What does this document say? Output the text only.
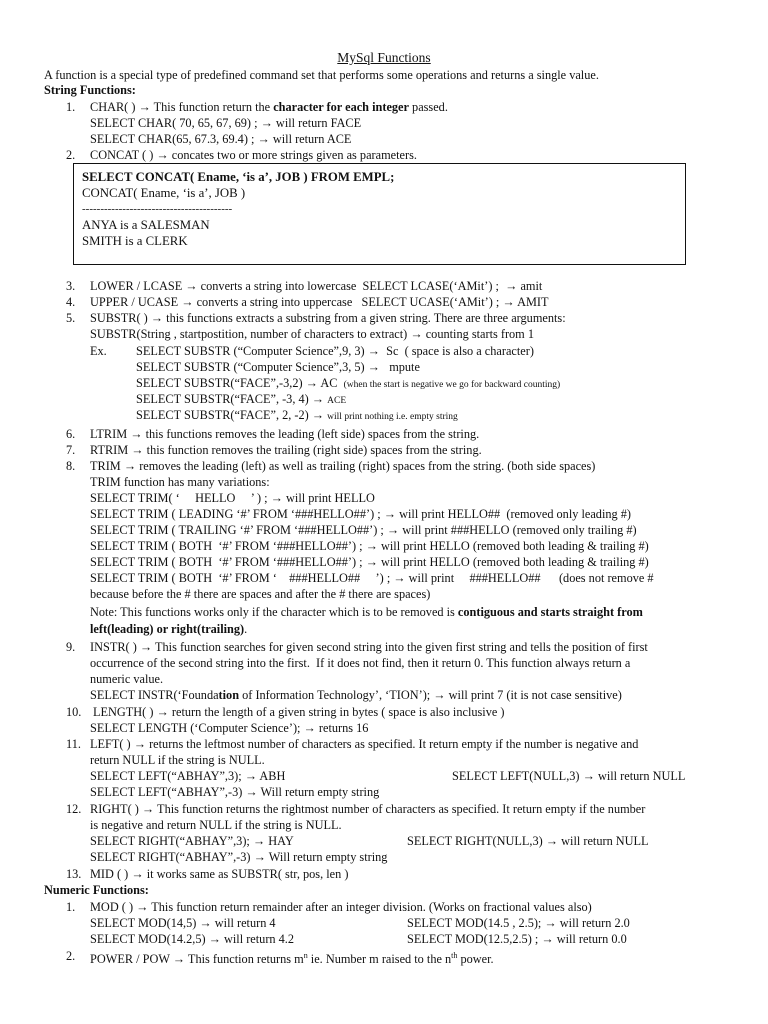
MySql Functions
A function is a special type of predefined command set that performs some operations and returns a single value.
String Functions:
1. CHAR( ) → This function return the character for each integer passed.
SELECT CHAR( 70, 65, 67, 69) ; → will return FACE
SELECT CHAR(65, 67.3, 69.4) ; → will return ACE
2. CONCAT ( ) → concates two or more strings given as parameters.
SELECT CONCAT( Ename, ‘is a’, JOB ) FROM EMPL;
CONCAT( Ename, ‘is a’, JOB )
-----------------------------------------
ANYA is a SALESMAN
SMITH is a CLERK
3. LOWER / LCASE → converts a string into lowercase  SELECT LCASE(‘AMit’) ;  → amit
4. UPPER / UCASE → converts a string into uppercase   SELECT UCASE(‘AMit’) ; → AMIT
5. SUBSTR( ) → this functions extracts a substring from a given string. There are three arguments:
SUBSTR(String , startpostition, number of characters to extract) → counting starts from 1
Ex. SELECT SUBSTR (“Computer Science”,9, 3) →  Sc  ( space is also a character)
SELECT SUBSTR (“Computer Science”,3, 5) →   mpute
SELECT SUBSTR(“FACE”,-3,2) → AC  (when the start is negative we go for backward counting)
SELECT SUBSTR(“FACE”, -3, 4) → ACE
SELECT SUBSTR(“FACE”, 2, -2) → will print nothing i.e. empty string
6. LTRIM → this functions removes the leading (left side) spaces from the string.
7. RTRIM → this function removes the trailing (right side) spaces from the string.
8. TRIM → removes the leading (left) as well as trailing (right) spaces from the string. (both side spaces)
TRIM function has many variations:
SELECT TRIM( ‘     HELLO     ’ ) ; → will print HELLO
SELECT TRIM ( LEADING ‘#’ FROM ‘###HELLO##’) ; → will print HELLO##  (removed only leading #)
SELECT TRIM ( TRAILING ‘#’ FROM ‘###HELLO##’) ; → will print ###HELLO (removed only trailing #)
SELECT TRIM ( BOTH  ‘#’ FROM ‘###HELLO##’) ; → will print HELLO (removed both leading & trailing #)
SELECT TRIM ( BOTH  ‘#’ FROM ‘###HELLO##’) ; → will print HELLO (removed both leading & trailing #)
SELECT TRIM ( BOTH  ‘#’ FROM ‘    ###HELLO##     ’) ; → will print     ###HELLO##      (does not remove #
because before the # there are spaces and after the # there are spaces)
Note: This functions works only if the character which is to be removed is contiguous and starts straight from
left(leading) or right(trailing).
9. INSTR( ) → This function searches for given second string into the given first string and tells the position of first
occurrence of the second string into the first.  If it does not find, then it return 0. This function always return a
numeric value.
SELECT INSTR(‘Foundation of Information Technology’, ‘TION’); → will print 7 (it is not case sensitive)
10. LENGTH( ) → return the length of a given string in bytes ( space is also inclusive )
SELECT LENGTH (‘Computer Science’); → returns 16
11. LEFT( ) → returns the leftmost number of characters as specified. It return empty if the number is negative and
return NULL if the string is NULL.
SELECT LEFT(“ABHAY”,3); → ABH	SELECT LEFT(NULL,3) → will return NULL
SELECT LEFT(“ABHAY”,-3) → Will return empty string
12. RIGHT( ) → This function returns the rightmost number of characters as specified. It return empty if the number
is negative and return NULL if the string is NULL.
SELECT RIGHT(“ABHAY”,3); → HAY	SELECT RIGHT(NULL,3) → will return NULL
SELECT RIGHT(“ABHAY”,-3) → Will return empty string
13. MID ( ) → it works same as SUBSTR( str, pos, len )
Numeric Functions:
1. MOD ( ) → This function return remainder after an integer division. (Works on fractional values also)
SELECT MOD(14,5) → will return 4	SELECT MOD(14.5 , 2.5); → will return 2.0
SELECT MOD(14.2,5) → will return 4.2	SELECT MOD(12.5,2.5) ; → will return 0.0
2. POWER / POW → This function returns $m^n$ ie. Number m raised to the $n^{th}$ power.
